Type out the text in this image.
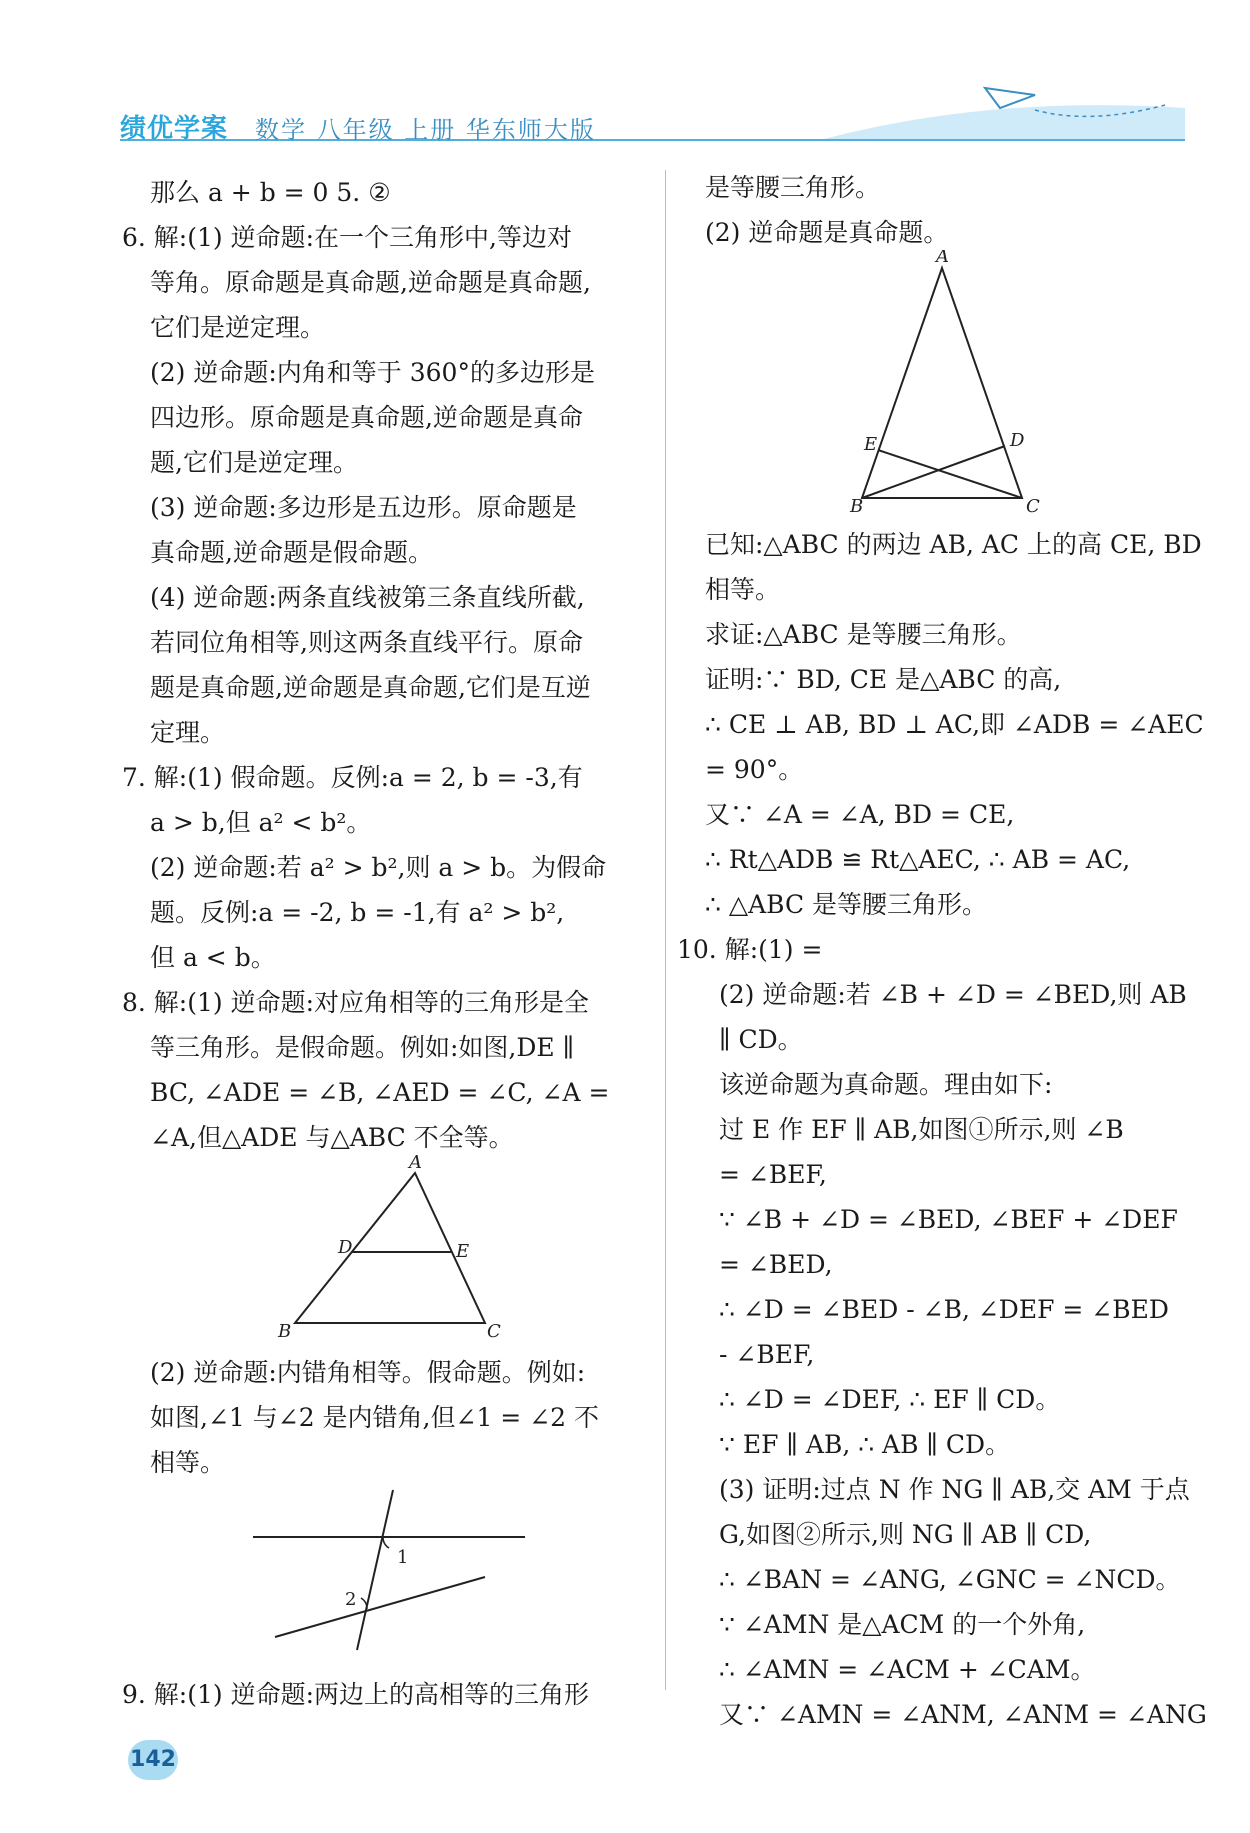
绩优学案 数学 八年级 上册 华东师大版
那么 a + b = 0 5. ②
6. 解:(1) 逆命题:在一个三角形中,等边对
等角。原命题是真命题,逆命题是真命题,
它们是逆定理。
(2) 逆命题:内角和等于 360°的多边形是
四边形。原命题是真命题,逆命题是真命
题,它们是逆定理。
(3) 逆命题:多边形是五边形。原命题是
真命题,逆命题是假命题。
(4) 逆命题:两条直线被第三条直线所截,
若同位角相等,则这两条直线平行。原命
题是真命题,逆命题是真命题,它们是互逆
定理。
7. 解:(1) 假命题。反例:a = 2, b = -3,有
a > b,但 a² < b²。
(2) 逆命题:若 a² > b²,则 a > b。为假命
题。反例:a = -2, b = -1,有 a² > b²,
但 a < b。
8. 解:(1) 逆命题:对应角相等的三角形是全
等三角形。是假命题。例如:如图,DE ∥
BC, ∠ADE = ∠B, ∠AED = ∠C, ∠A =
∠A,但△ADE 与△ABC 不全等。
A
D	E
B	C
(2) 逆命题:内错角相等。假命题。例如:
如图,∠1 与∠2 是内错角,但∠1 = ∠2 不
相等。
1
2
9. 解:(1) 逆命题:两边上的高相等的三角形
是等腰三角形。
(2) 逆命题是真命题。
A
E	D
B	C
已知:△ABC 的两边 AB, AC 上的高 CE, BD
相等。
求证:△ABC 是等腰三角形。
证明:∵ BD, CE 是△ABC 的高,
∴ CE ⊥ AB, BD ⊥ AC,即 ∠ADB = ∠AEC
= 90°。
又∵ ∠A = ∠A, BD = CE,
∴ Rt△ADB ≌ Rt△AEC, ∴ AB = AC,
∴ △ABC 是等腰三角形。
10. 解:(1) =
(2) 逆命题:若 ∠B + ∠D = ∠BED,则 AB
∥ CD。
该逆命题为真命题。理由如下:
过 E 作 EF ∥ AB,如图①所示,则 ∠B
= ∠BEF,
∵ ∠B + ∠D = ∠BED, ∠BEF + ∠DEF
= ∠BED,
∴ ∠D = ∠BED - ∠B, ∠DEF = ∠BED
- ∠BEF,
∴ ∠D = ∠DEF, ∴ EF ∥ CD。
∵ EF ∥ AB, ∴ AB ∥ CD。
(3) 证明:过点 N 作 NG ∥ AB,交 AM 于点
G,如图②所示,则 NG ∥ AB ∥ CD,
∴ ∠BAN = ∠ANG, ∠GNC = ∠NCD。
∵ ∠AMN 是△ACM 的一个外角,
∴ ∠AMN = ∠ACM + ∠CAM。
又∵ ∠AMN = ∠ANM, ∠ANM = ∠ANG
142
